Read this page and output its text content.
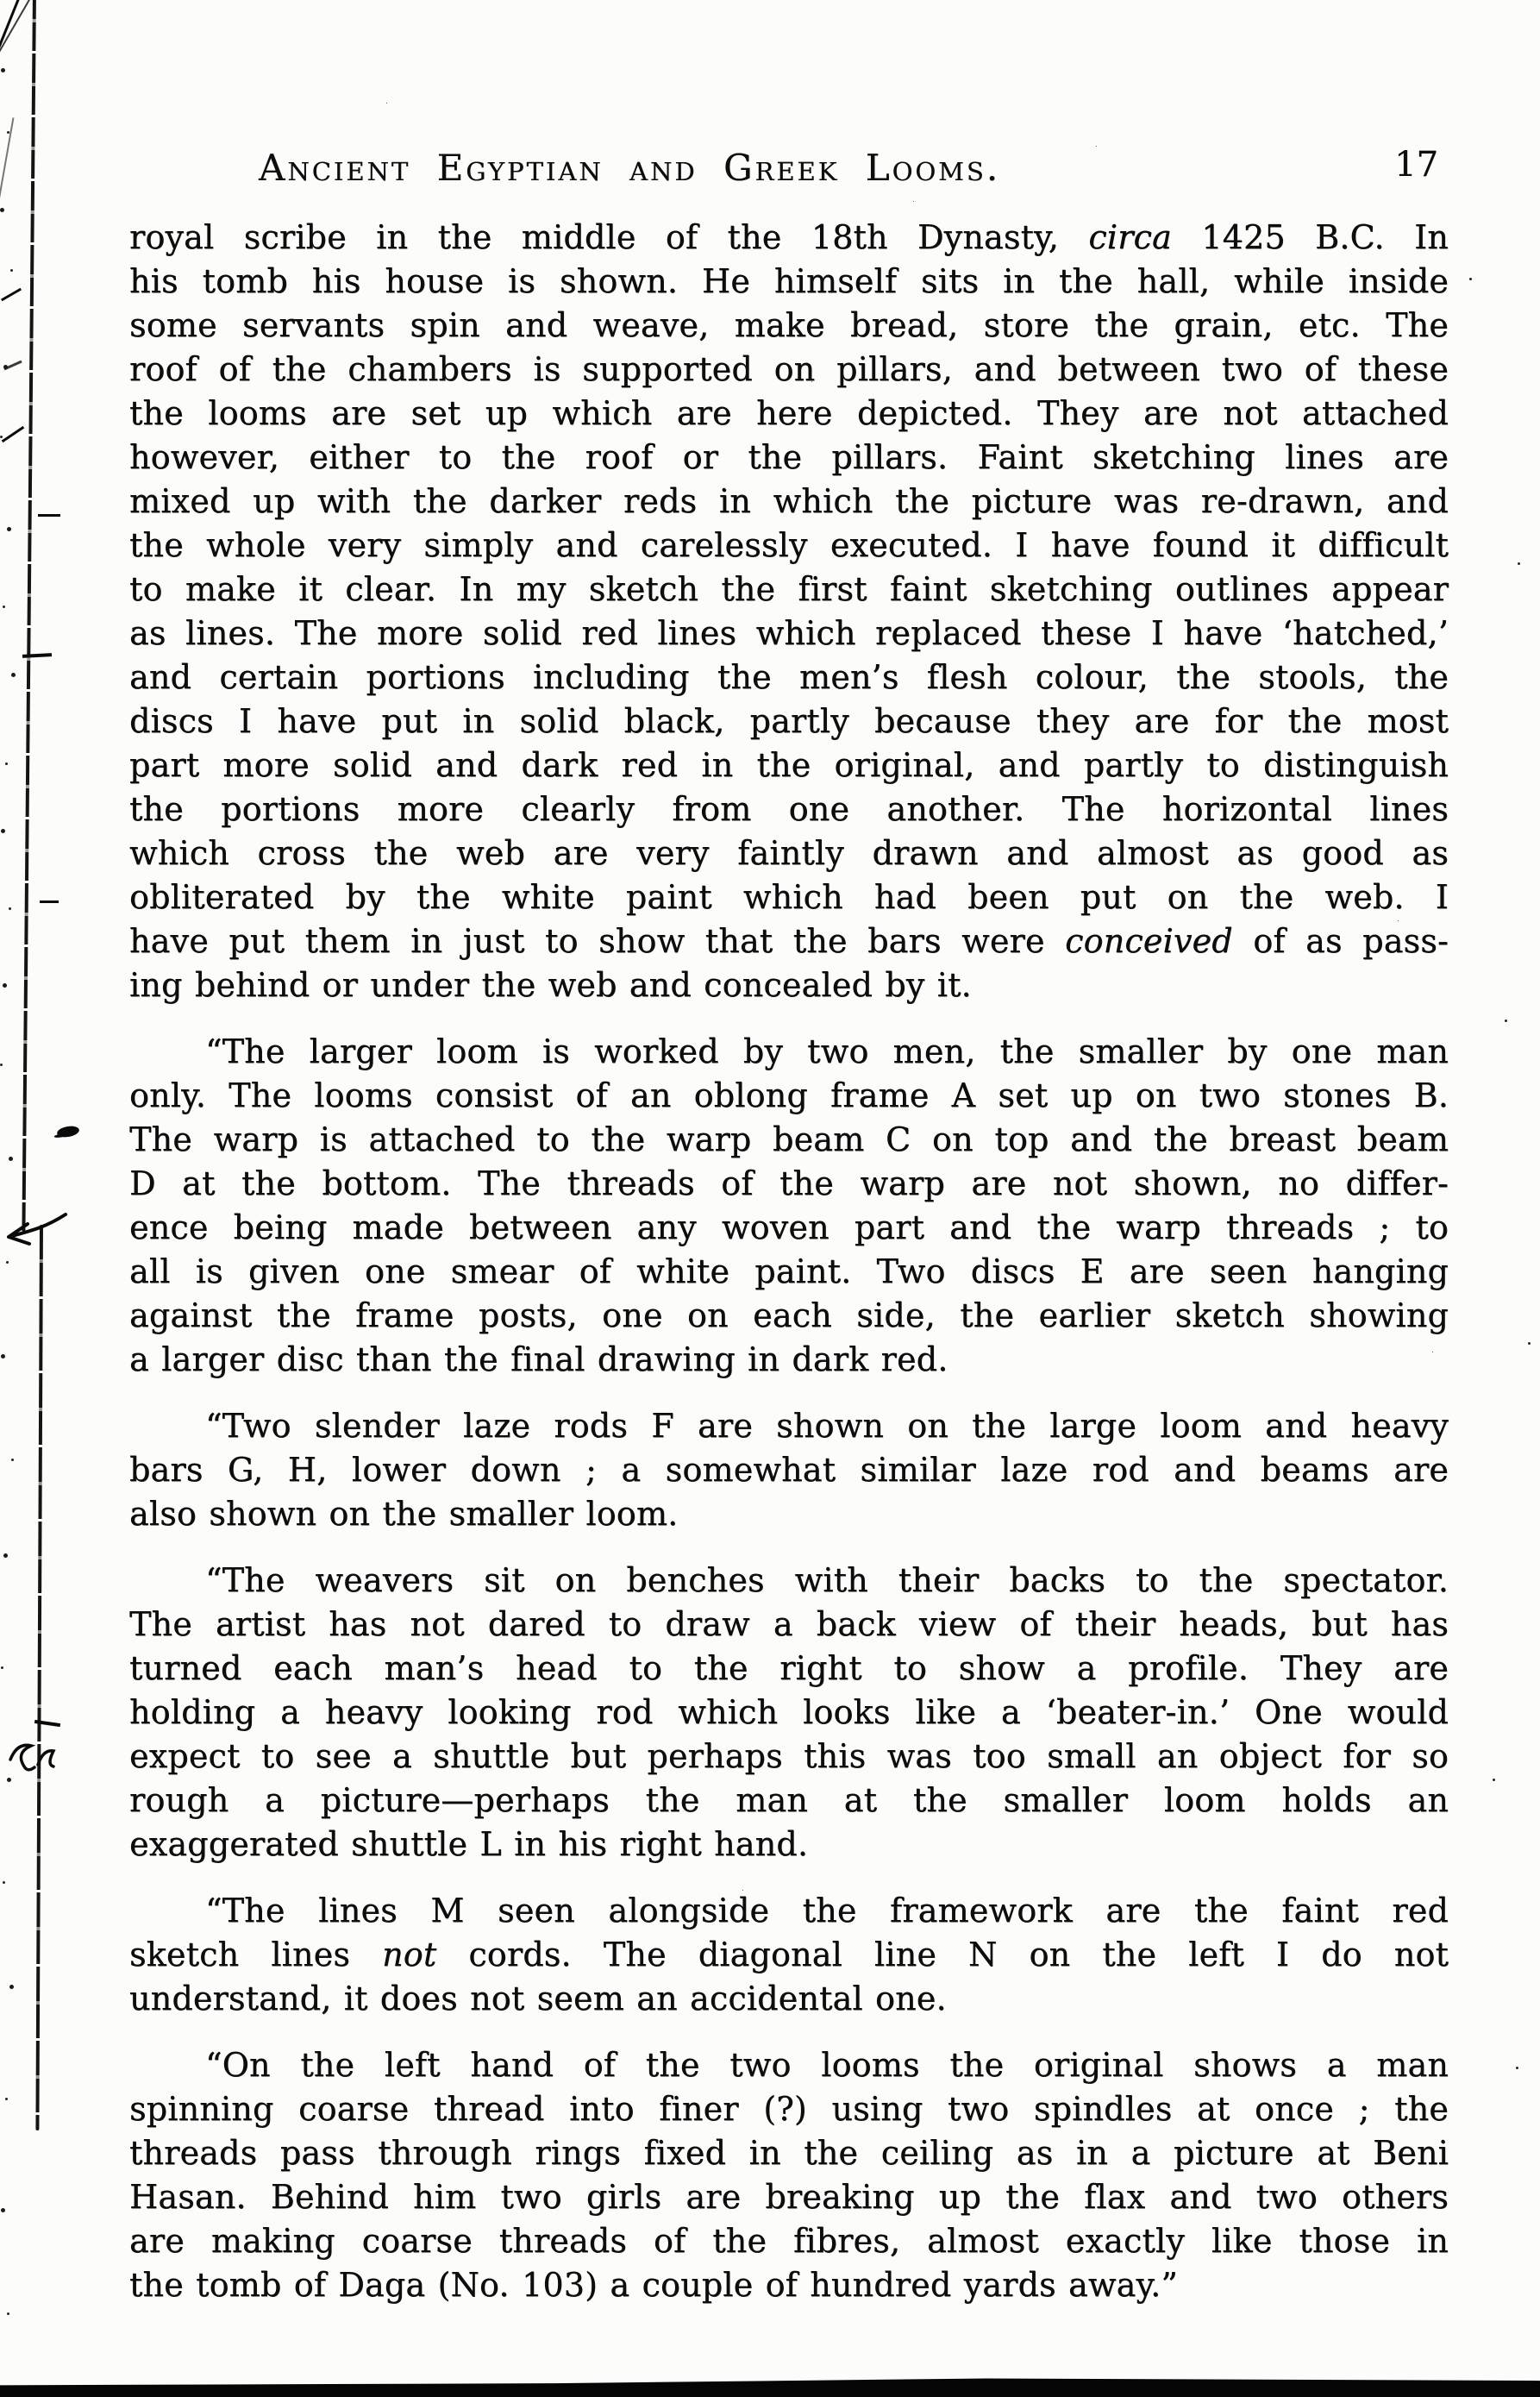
Ancient Egyptian and Greek Looms.	17
royal scribe in the middle of the 18th Dynasty, circa 1425 B.C. In
his tomb his house is shown. He himself sits in the hall, while inside
some servants spin and weave, make bread, store the grain, etc. The
roof of the chambers is supported on pillars, and between two of these
the looms are set up which are here depicted. They are not attached
however, either to the roof or the pillars. Faint sketching lines are
mixed up with the darker reds in which the picture was re-drawn, and
the whole very simply and carelessly executed. I have found it difficult
to make it clear. In my sketch the first faint sketching outlines appear
as lines. The more solid red lines which replaced these I have ‘hatched,’
and certain portions including the men’s flesh colour, the stools, the
discs I have put in solid black, partly because they are for the most
part more solid and dark red in the original, and partly to distinguish
the portions more clearly from one another. The horizontal lines
which cross the web are very faintly drawn and almost as good as
obliterated by the white paint which had been put on the web. I
have put them in just to show that the bars were conceived of as pass-
ing behind or under the web and concealed by it.
“The larger loom is worked by two men, the smaller by one man
only. The looms consist of an oblong frame A set up on two stones B.
The warp is attached to the warp beam C on top and the breast beam
D at the bottom. The threads of the warp are not shown, no differ-
ence being made between any woven part and the warp threads ; to
all is given one smear of white paint. Two discs E are seen hanging
against the frame posts, one on each side, the earlier sketch showing
a larger disc than the final drawing in dark red.
“Two slender laze rods F are shown on the large loom and heavy
bars G, H, lower down ; a somewhat similar laze rod and beams are
also shown on the smaller loom.
“The weavers sit on benches with their backs to the spectator.
The artist has not dared to draw a back view of their heads, but has
turned each man’s head to the right to show a profile. They are
holding a heavy looking rod which looks like a ‘beater-in.’ One would
expect to see a shuttle but perhaps this was too small an object for so
rough a picture—perhaps the man at the smaller loom holds an
exaggerated shuttle L in his right hand.
“The lines M seen alongside the framework are the faint red
sketch lines not cords. The diagonal line N on the left I do not
understand, it does not seem an accidental one.
“On the left hand of the two looms the original shows a man
spinning coarse thread into finer (?) using two spindles at once ; the
threads pass through rings fixed in the ceiling as in a picture at Beni
Hasan. Behind him two girls are breaking up the flax and two others
are making coarse threads of the fibres, almost exactly like those in
the tomb of Daga (No. 103) a couple of hundred yards away.”
